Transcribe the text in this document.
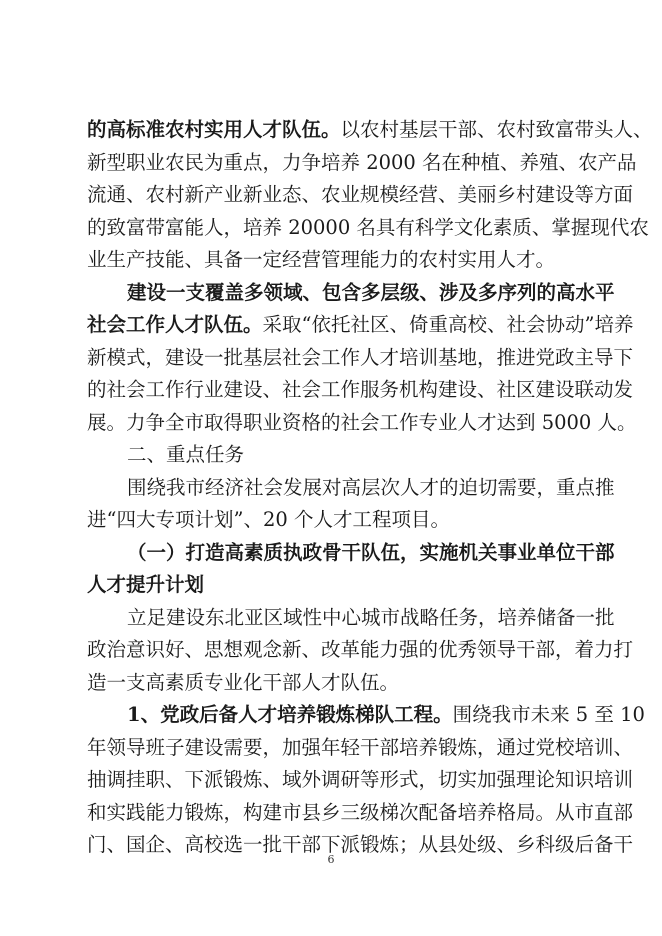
的高标准农村实用人才队伍。以农村基层干部、农村致富带头人、
新型职业农民为重点，力争培养 2000 名在种植、养殖、农产品
流通、农村新产业新业态、农业规模经营、美丽乡村建设等方面
的致富带富能人，培养 20000 名具有科学文化素质、掌握现代农
业生产技能、具备一定经营管理能力的农村实用人才。
建设一支覆盖多领域、包含多层级、涉及多序列的高水平
社会工作人才队伍。采取“依托社区、倚重高校、社会协动”培养
新模式，建设一批基层社会工作人才培训基地，推进党政主导下
的社会工作行业建设、社会工作服务机构建设、社区建设联动发
展。力争全市取得职业资格的社会工作专业人才达到 5000 人。
二、重点任务
围绕我市经济社会发展对高层次人才的迫切需要，重点推
进“四大专项计划”、20 个人才工程项目。
（一）打造高素质执政骨干队伍，实施机关事业单位干部
人才提升计划
立足建设东北亚区域性中心城市战略任务，培养储备一批
政治意识好、思想观念新、改革能力强的优秀领导干部，着力打
造一支高素质专业化干部人才队伍。
1、党政后备人才培养锻炼梯队工程。围绕我市未来 5 至 10
年领导班子建设需要，加强年轻干部培养锻炼，通过党校培训、
抽调挂职、下派锻炼、域外调研等形式，切实加强理论知识培训
和实践能力锻炼，构建市县乡三级梯次配备培养格局。从市直部
门、国企、高校选一批干部下派锻炼；从县处级、乡科级后备干
6
